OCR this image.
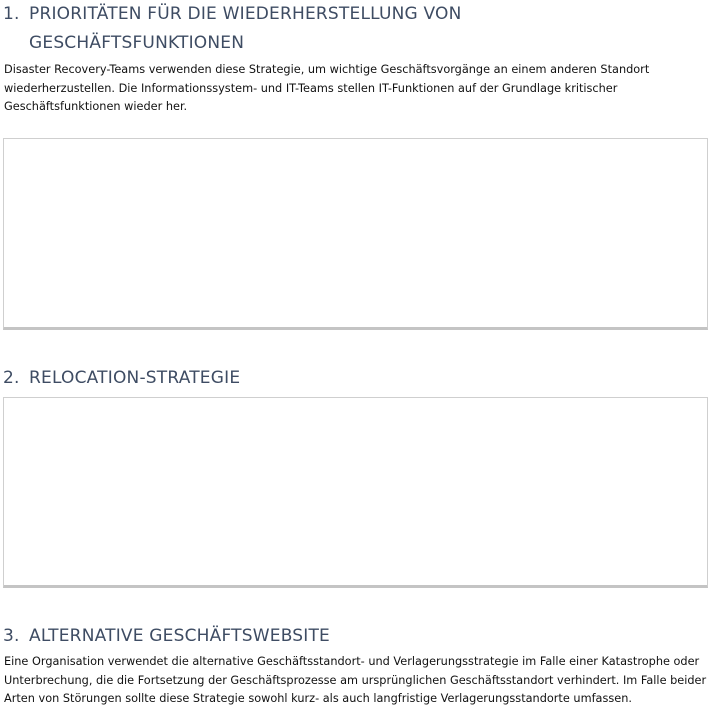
1. PRIORITÄTEN FÜR DIE WIEDERHERSTELLUNG VON GESCHÄFTSFUNKTIONEN

Disaster Recovery-Teams verwenden diese Strategie, um wichtige Geschäftsvorgänge an einem anderen Standort wiederherzustellen. Die Informationssystem- und IT-Teams stellen IT-Funktionen auf der Grundlage kritischer Geschäftsfunktionen wieder her.

2. RELOCATION-STRATEGIE
3. ALTERNATIVE GESCHÄFTSWEBSITE

Eine Organisation verwendet die alternative Geschäftsstandort- und Verlagerungsstrategie im Falle einer Katastrophe oder Unterbrechung, die die Fortsetzung der Geschäftsprozesse am ursprünglichen Geschäftsstandort verhindert. Im Falle beider Arten von Störungen sollte diese Strategie sowohl kurz- als auch langfristige Verlagerungsstandorte umfassen.
